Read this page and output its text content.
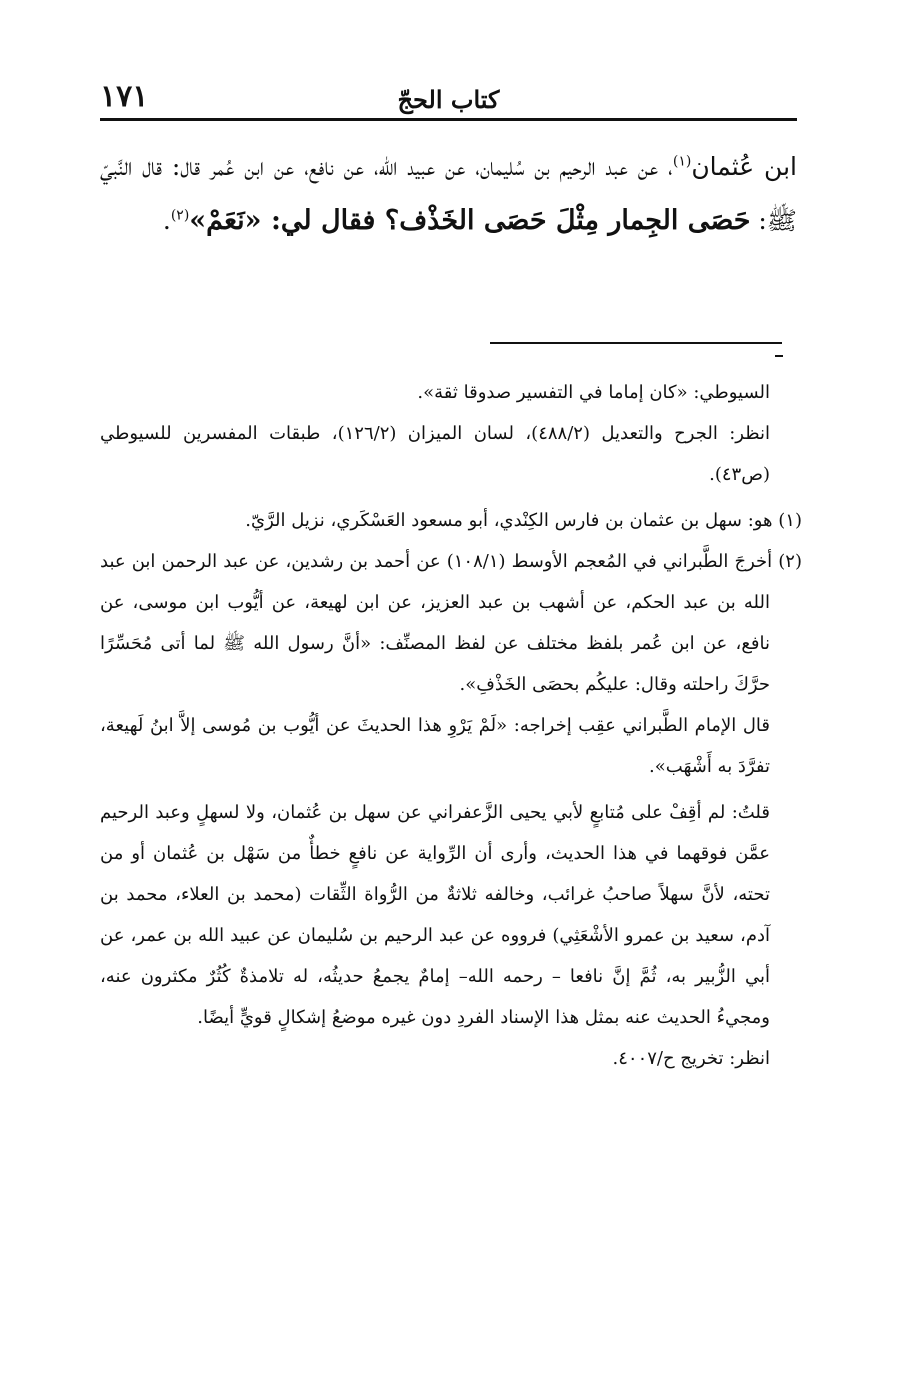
١٧١	كتاب الحجّ
ابن عُثمان$^{(١)}$، عن عبد الرحيم بن سُليمان، عن عبيد الله، عن نافع، عن ابن عُمر قال: قال النَّبيّ ﷺ: حَصَى الجِمار مِثْلَ حَصَى الخَذْف؟ فقال لي: «نَعَمْ»$^{(٢)}$.

السيوطي: «كان إماما في التفسير صدوقا ثقة».

انظر: الجرح والتعديل (٤٨٨/٢)، لسان الميزان (١٢٦/٢)، طبقات المفسرين للسيوطي (ص٤٣).

(١) هو: سهل بن عثمان بن فارس الكِنْدي، أبو مسعود العَسْكَري، نزيل الرَّيّ.

(٢) أخرجَ الطَّبراني في المُعجم الأوسط (١٠٨/١) عن أحمد بن رشدين، عن عبد الرحمن ابن عبد الله بن عبد الحكم، عن أشهب بن عبد العزيز، عن ابن لهيعة، عن أيُّوب ابن موسى، عن نافع، عن ابن عُمر بلفظ مختلف عن لفظ المصنِّف: «أنَّ رسول الله ﷺ لما أتى مُحَسِّرًا حرَّكَ راحلته وقال: عليكُم بحصَى الخَذْفِ».

قال الإمام الطَّبراني عقِب إخراجه: «لَمْ يَرْوِ هذا الحديثَ عن أيُّوب بن مُوسى إلاَّ ابنُ لَهيعة، تفرَّدَ به أَشْهَب».

قلتُ: لم أقِفْ على مُتابعٍ لأبي يحيى الزَّعفراني عن سهل بن عُثمان، ولا لسهلٍ وعبد الرحيم عمَّن فوقهما في هذا الحديث، وأرى أن الرِّواية عن نافعٍ خطأٌ من سَهْل بن عُثمان أو من تحته، لأنَّ سهلاً صاحبُ غرائب، وخالفه ثلاثةٌ من الرُّواة الثِّقات (محمد بن العلاء، محمد بن آدم، سعيد بن عمرو الأشْعَثِي) فرووه عن عبد الرحيم بن سُليمان عن عبيد الله بن عمر، عن أبي الزُّبير به، ثُمَّ إنَّ نافعا – رحمه الله– إمامٌ يجمعُ حديثُه، له تلامذةٌ كُثُرٌ مكثرون عنه، ومجيءُ الحديث عنه بمثل هذا الإسناد الفردِ دون غيره موضعُ إشكالٍ قويٍّ أيضًا.

انظر: تخريج ح/٤٠٠٧.
